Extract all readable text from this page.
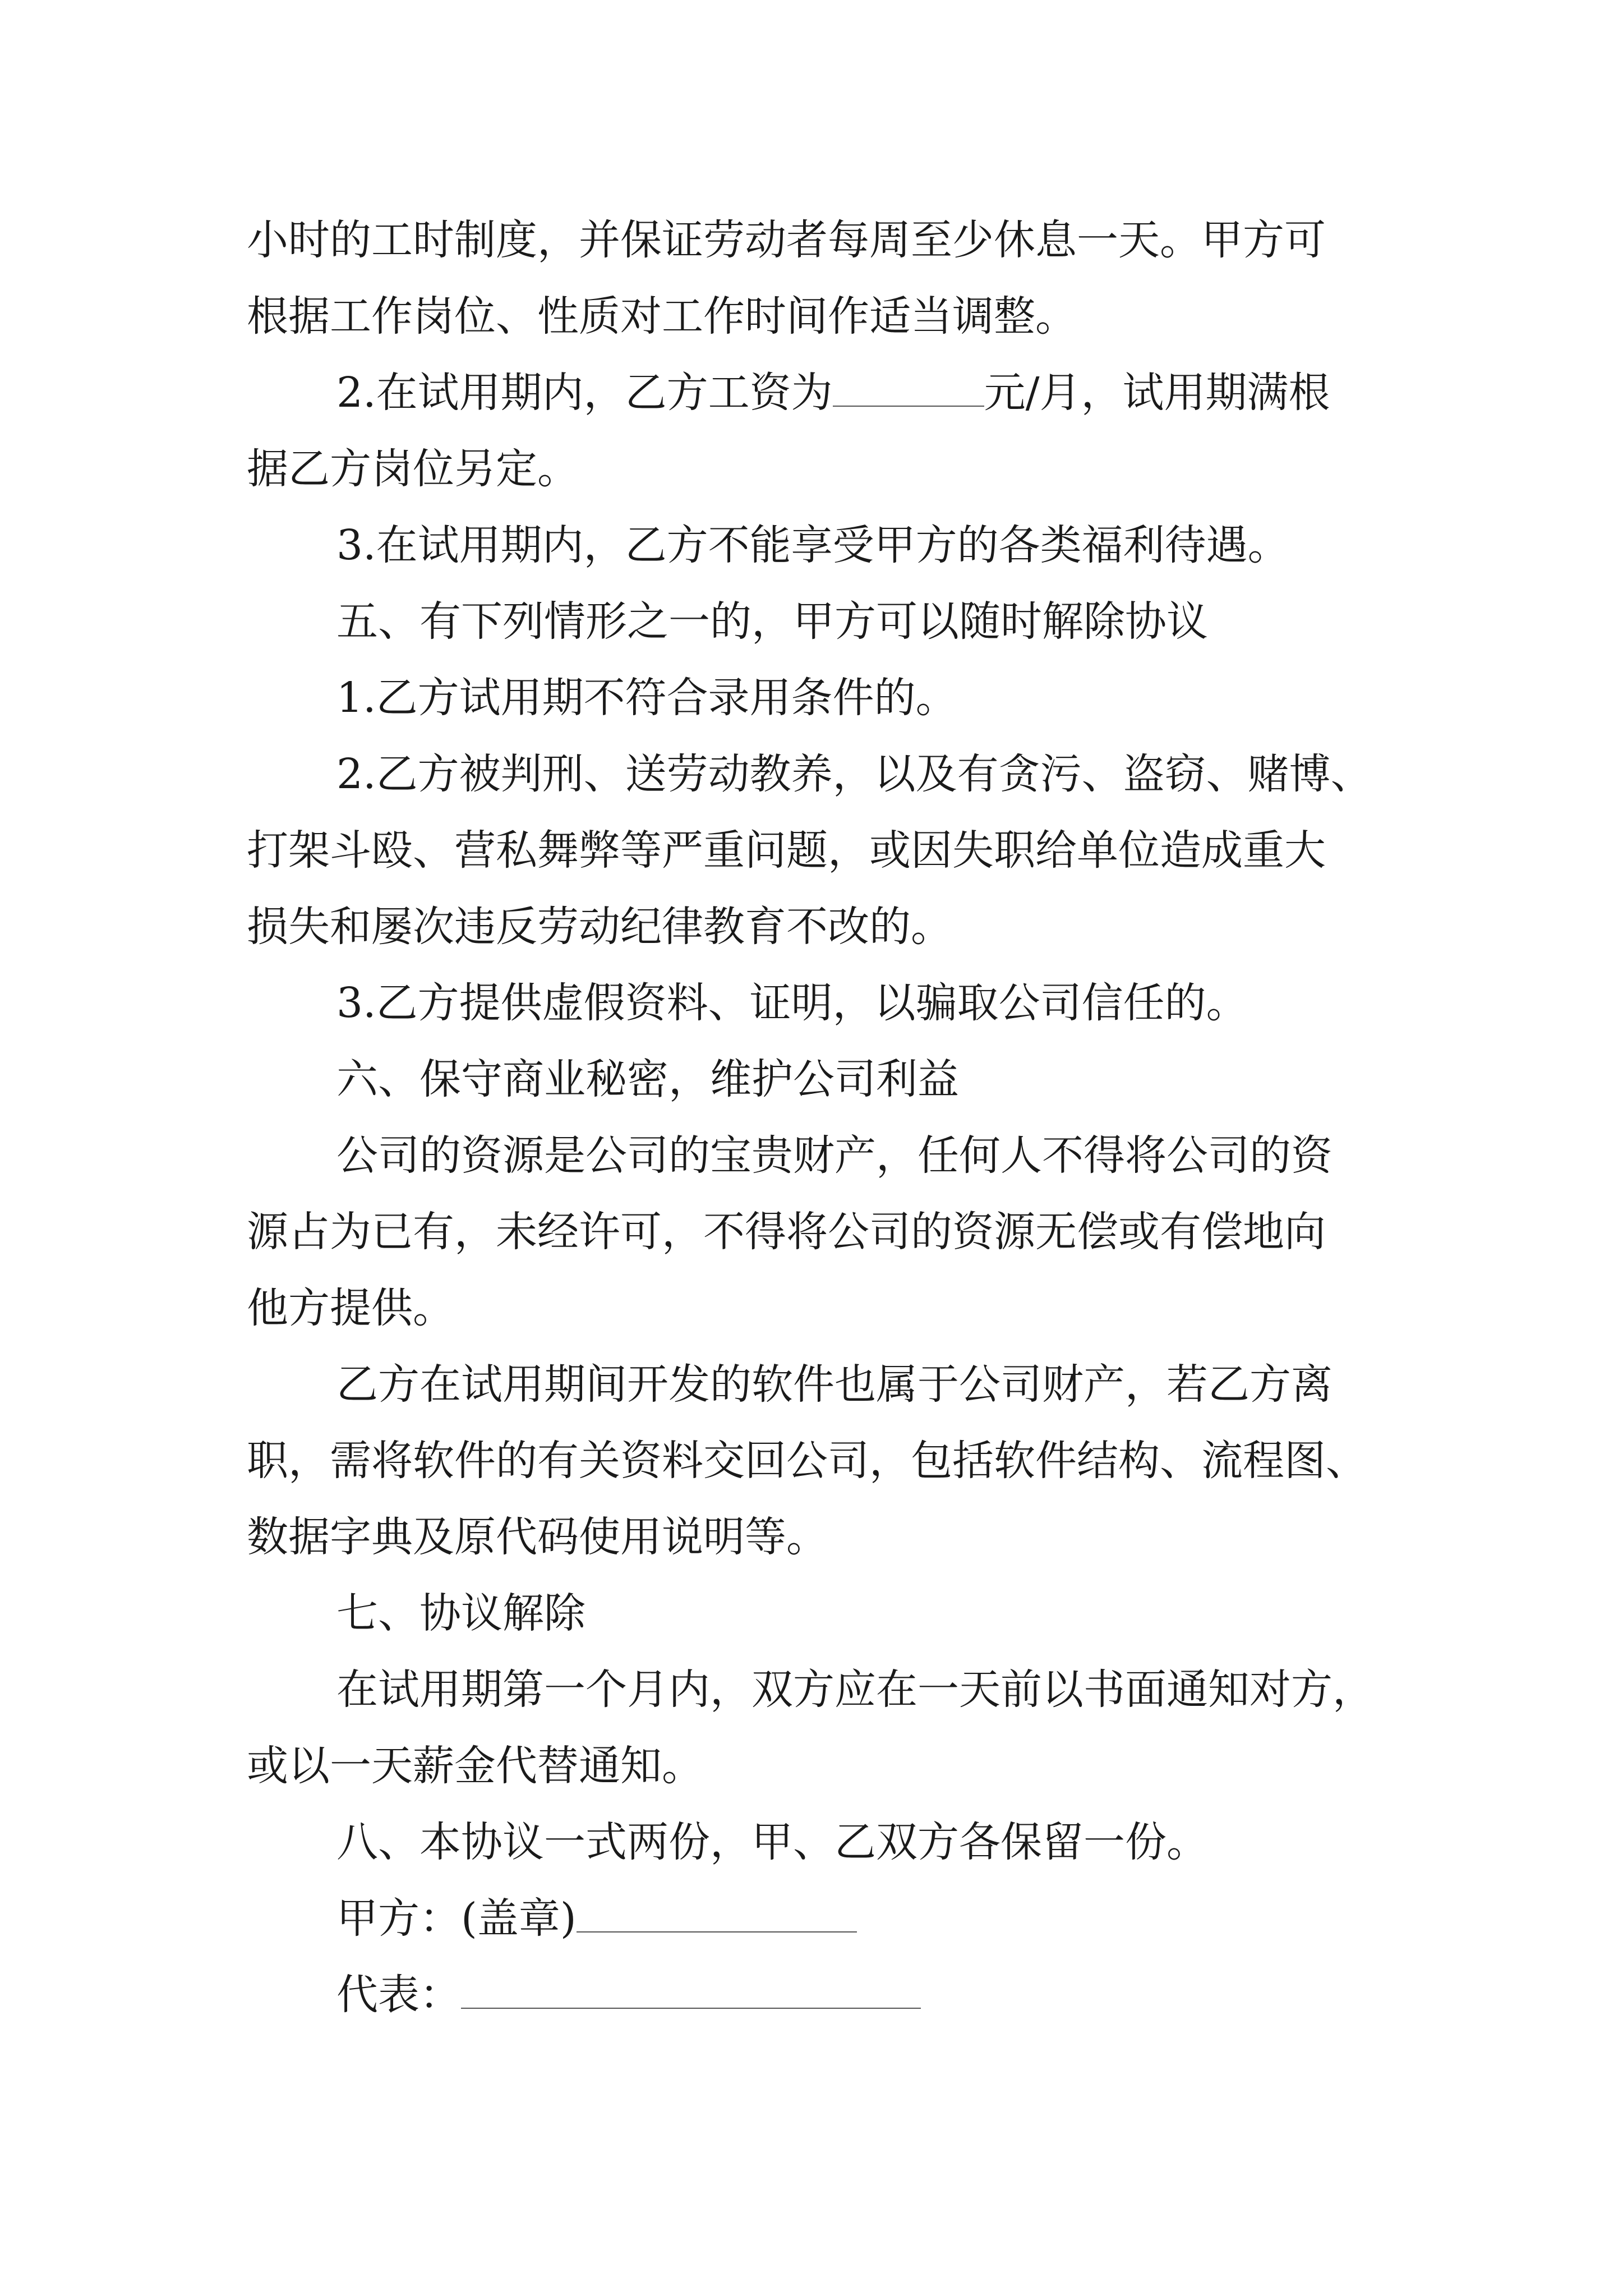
小时的工时制度，并保证劳动者每周至少休息一天。甲方可
根据工作岗位、性质对工作时间作适当调整。
2.在试用期内，乙方工资为	元/月，试用期满根
据乙方岗位另定。
3.在试用期内，乙方不能享受甲方的各类福利待遇。
五、有下列情形之一的，甲方可以随时解除协议
1.乙方试用期不符合录用条件的。
2.乙方被判刑、送劳动教养，以及有贪污、盗窃、赌博、
打架斗殴、营私舞弊等严重问题，或因失职给单位造成重大
损失和屡次违反劳动纪律教育不改的。
3.乙方提供虚假资料、证明，以骗取公司信任的。
六、保守商业秘密，维护公司利益
公司的资源是公司的宝贵财产，任何人不得将公司的资
源占为已有，未经许可，不得将公司的资源无偿或有偿地向
他方提供。
乙方在试用期间开发的软件也属于公司财产，若乙方离
职，需将软件的有关资料交回公司，包括软件结构、流程图、
数据字典及原代码使用说明等。
七、协议解除
在试用期第一个月内，双方应在一天前以书面通知对方，
或以一天薪金代替通知。
八、本协议一式两份，甲、乙双方各保留一份。
甲方：(盖章)
代表：
